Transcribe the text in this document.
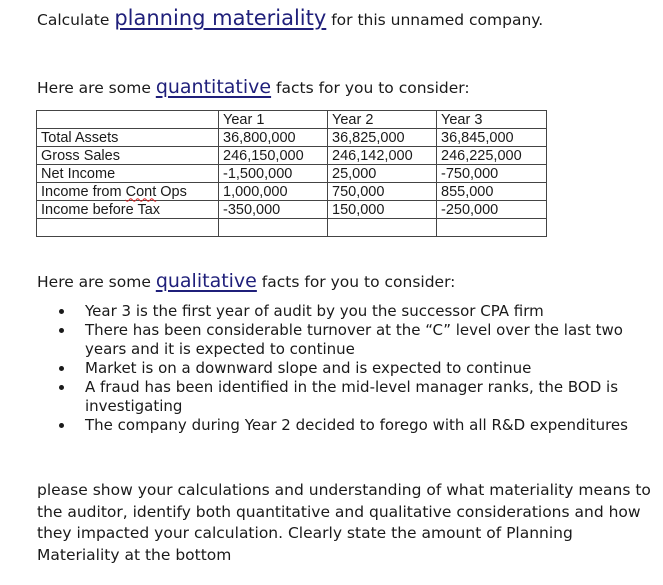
Calculate planning materiality for this unnamed company.
Here are some quantitative facts for you to consider:
	Year 1	Year 2	Year 3
Total Assets	36,800,000	36,825,000	36,845,000
Gross Sales	246,150,000	246,142,000	246,225,000
Net Income	-1,500,000	25,000	-750,000
Income from Cont Ops	1,000,000	750,000	855,000
Income before Tax	-350,000	150,000	-250,000

Here are some qualitative facts for you to consider:
Year 3 is the first year of audit by you the successor CPA firm
There has been considerable turnover at the “C” level over the last two years and it is expected to continue
Market is on a downward slope and is expected to continue
A fraud has been identified in the mid-level manager ranks, the BOD is investigating
The company during Year 2 decided to forego with all R&D expenditures
please show your calculations and understanding of what materiality means to the auditor, identify both quantitative and qualitative considerations and how they impacted your calculation. Clearly state the amount of Planning Materiality at the bottom
